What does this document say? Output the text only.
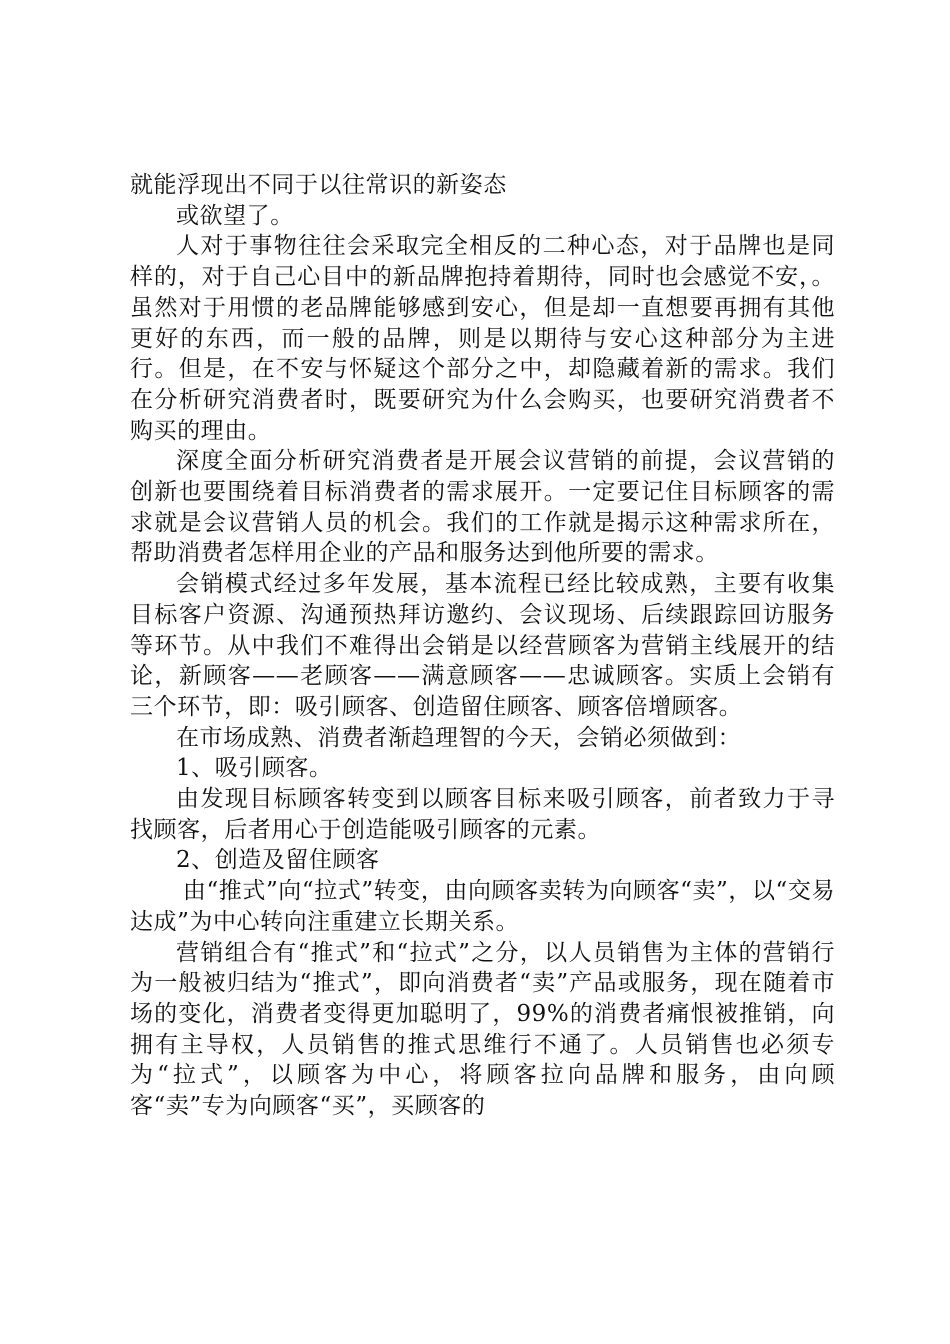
就能浮现出不同于以往常识的新姿态

或欲望了。

人对于事物往往会采取完全相反的二种心态，对于品牌也是同样的，对于自己心目中的新品牌抱持着期待，同时也会感觉不安，。虽然对于用惯的老品牌能够感到安心，但是却一直想要再拥有其他更好的东西，而一般的品牌，则是以期待与安心这种部分为主进行。但是，在不安与怀疑这个部分之中，却隐藏着新的需求。我们在分析研究消费者时，既要研究为什么会购买，也要研究消费者不购买的理由。

深度全面分析研究消费者是开展会议营销的前提，会议营销的创新也要围绕着目标消费者的需求展开。一定要记住目标顾客的需求就是会议营销人员的机会。我们的工作就是揭示这种需求所在，帮助消费者怎样用企业的产品和服务达到他所要的需求。

会销模式经过多年发展，基本流程已经比较成熟，主要有收集目标客户资源、沟通预热拜访邀约、会议现场、后续跟踪回访服务等环节。从中我们不难得出会销是以经营顾客为营销主线展开的结论，新顾客——老顾客——满意顾客——忠诚顾客。实质上会销有三个环节，即：吸引顾客、创造留住顾客、顾客倍增顾客。

在市场成熟、消费者渐趋理智的今天，会销必须做到：

1、吸引顾客。

由发现目标顾客转变到以顾客目标来吸引顾客，前者致力于寻找顾客，后者用心于创造能吸引顾客的元素。

2、创造及留住顾客

由“推式”向“拉式”转变，由向顾客卖转为向顾客“卖”，以“交易达成”为中心转向注重建立长期关系。

营销组合有“推式”和“拉式”之分，以人员销售为主体的营销行为一般被归结为“推式”，即向消费者“卖”产品或服务，现在随着市场的变化，消费者变得更加聪明了，99%的消费者痛恨被推销，向拥有主导权，人员销售的推式思维行不通了。人员销售也必须专为“拉式”，以顾客为中心，将顾客拉向品牌和服务，由向顾客“卖”专为向顾客“买”，买顾客的
